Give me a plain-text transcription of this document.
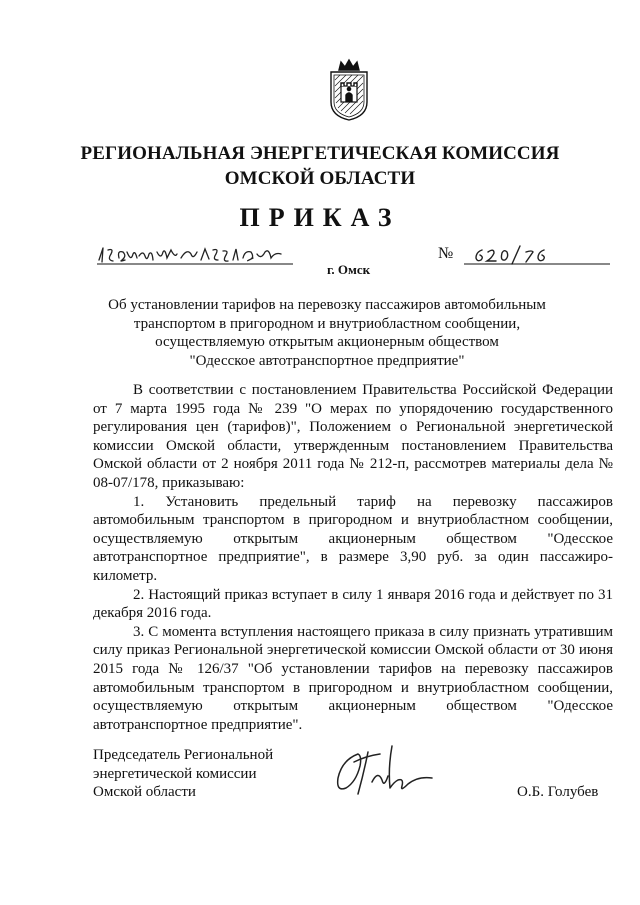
РЕГИОНАЛЬНАЯ ЭНЕРГЕТИЧЕСКАЯ КОМИССИЯ
ОМСКОЙ ОБЛАСТИ
ПРИКАЗ
№
г. Омск
Об установлении тарифов на перевозку пассажиров автомобильным
транспортом в пригородном и внутриобластном сообщении,
осуществляемую открытым акционерным обществом
"Одесское автотранспортное предприятие"

В соответствии с постановлением Правительства Российской Федерации от 7 марта 1995 года № 239 "О мерах по упорядочению государственного регулирования цен (тарифов)", Положением о Региональной энергетической комиссии Омской области, утвержденным постановлением Правительства Омской области от 2 ноября 2011 года № 212-п, рассмотрев материалы дела № 08-07/178, приказываю:

1. Установить предельный тариф на перевозку пассажиров автомобильным транспортом в пригородном и внутриобластном сообщении, осуществляемую открытым акционерным обществом "Одесское автотранспортное предприятие", в размере 3,90 руб. за один пассажиро-километр.

2. Настоящий приказ вступает в силу 1 января 2016 года и действует по 31 декабря 2016 года.

3. С момента вступления настоящего приказа в силу признать утратившим силу приказ Региональной энергетической комиссии Омской области от 30 июня 2015 года № 126/37 "Об установлении тарифов на перевозку пассажиров автомобильным транспортом в пригородном и внутриобластном сообщении, осуществляемую открытым акционерным обществом "Одесское автотранспортное предприятие".

Председатель Региональной
энергетической комиссии
Омской области	О.Б. Голубев
